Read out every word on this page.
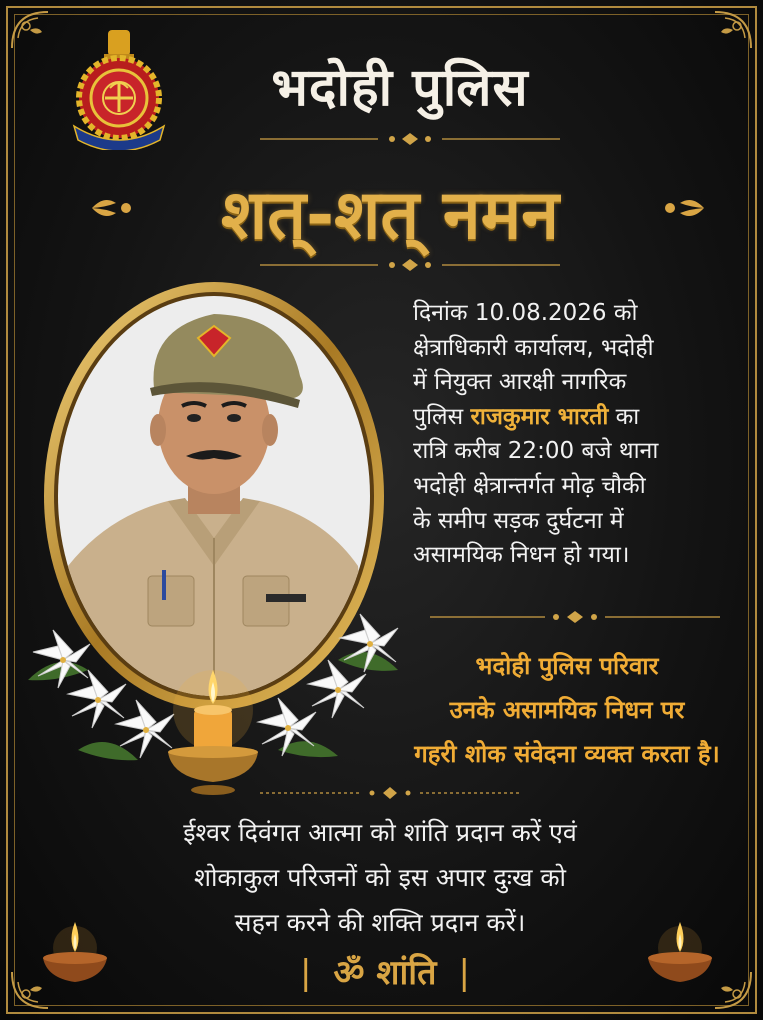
भदोही पुलिस
शत्-शत् नमन
दिनांक 10.08.2026 को
क्षेत्राधिकारी कार्यालय, भदोही
में नियुक्त आरक्षी नागरिक
पुलिस राजकुमार भारती का
रात्रि करीब 22:00 बजे थाना
भदोही क्षेत्रान्तर्गत मोढ़ चौकी
के समीप सड़क दुर्घटना में
असामयिक निधन हो गया।
भदोही पुलिस परिवार
उनके असामयिक निधन पर
गहरी शोक संवेदना व्यक्त करता है।
ईश्वर दिवंगत आत्मा को शांति प्रदान करें एवं
शोकाकुल परिजनों को इस अपार दुःख को
सहन करने की शक्ति प्रदान करें।
| ॐ शांति |
